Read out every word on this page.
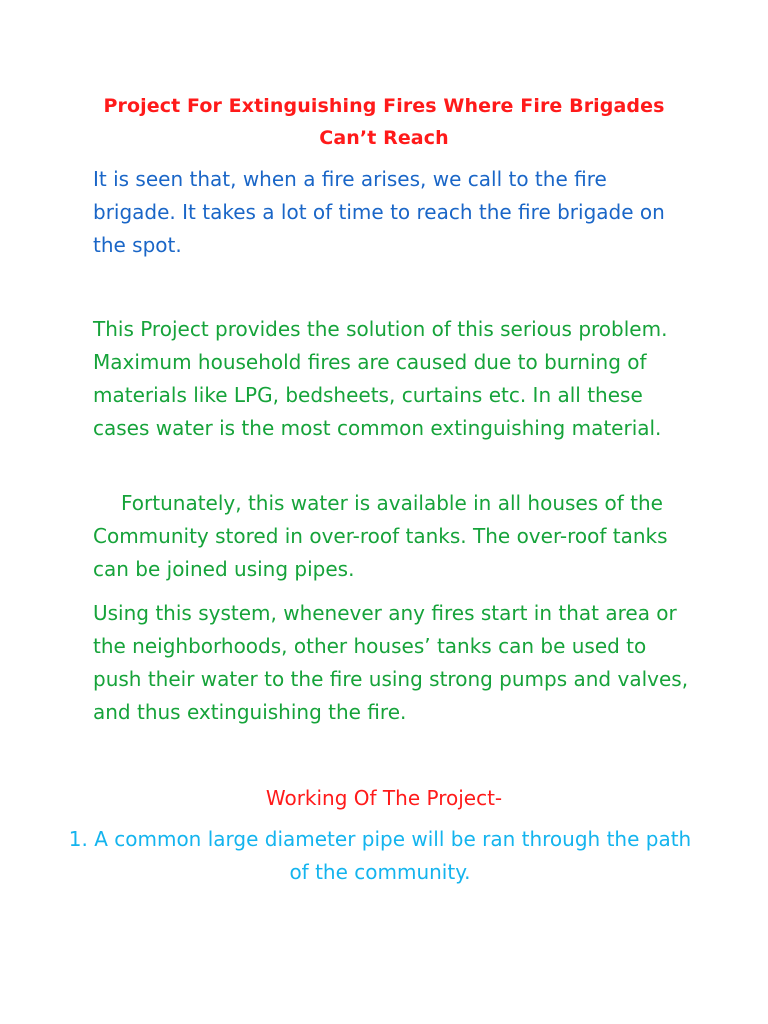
Project For Extinguishing Fires Where Fire Brigades Can’t Reach

It is seen that, when a fire arises, we call to the fire brigade. It takes a lot of time to reach the fire brigade on the spot.

This Project provides the solution of this serious problem. Maximum household fires are caused due to burning of materials like LPG, bedsheets, curtains etc. In all these cases water is the most common extinguishing material.

Fortunately, this water is available in all houses of the Community stored in over-roof tanks. The over-roof tanks can be joined using pipes.

Using this system, whenever any fires start in that area or the neighborhoods, other houses’ tanks can be used to push their water to the fire using strong pumps and valves, and thus extinguishing the fire.

Working Of The Project-
1. A common large diameter pipe will be ran through the path of the community.
